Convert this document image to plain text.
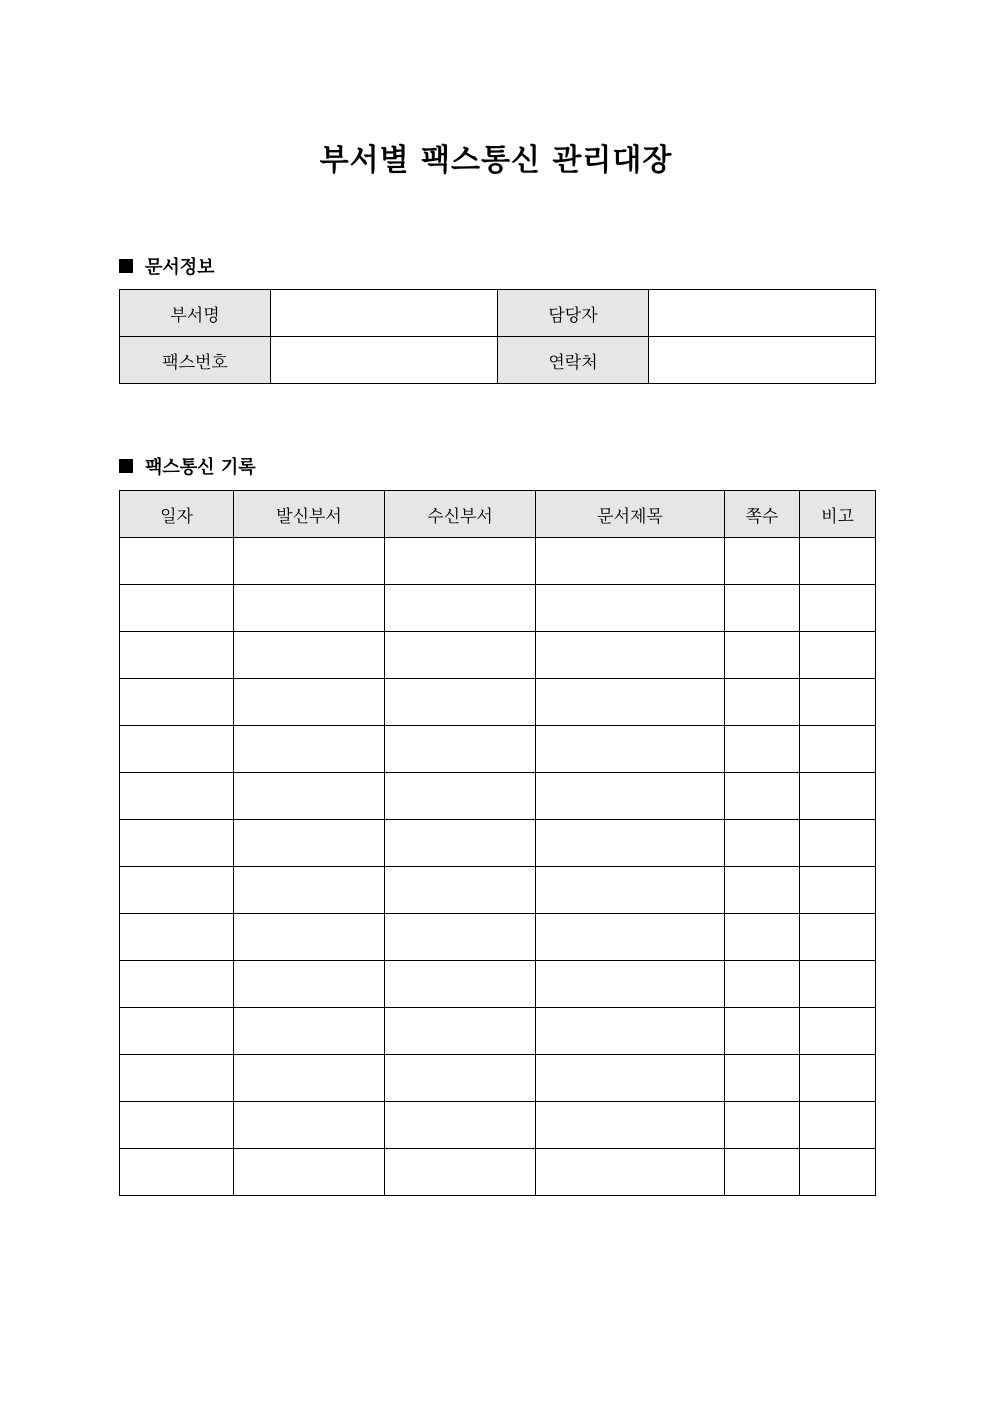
부서별 팩스통신 관리대장
문서정보
부서명		담당자	
팩스번호		연락처	
팩스통신 기록
일자	발신부서	수신부서	문서제목	쪽수	비고
